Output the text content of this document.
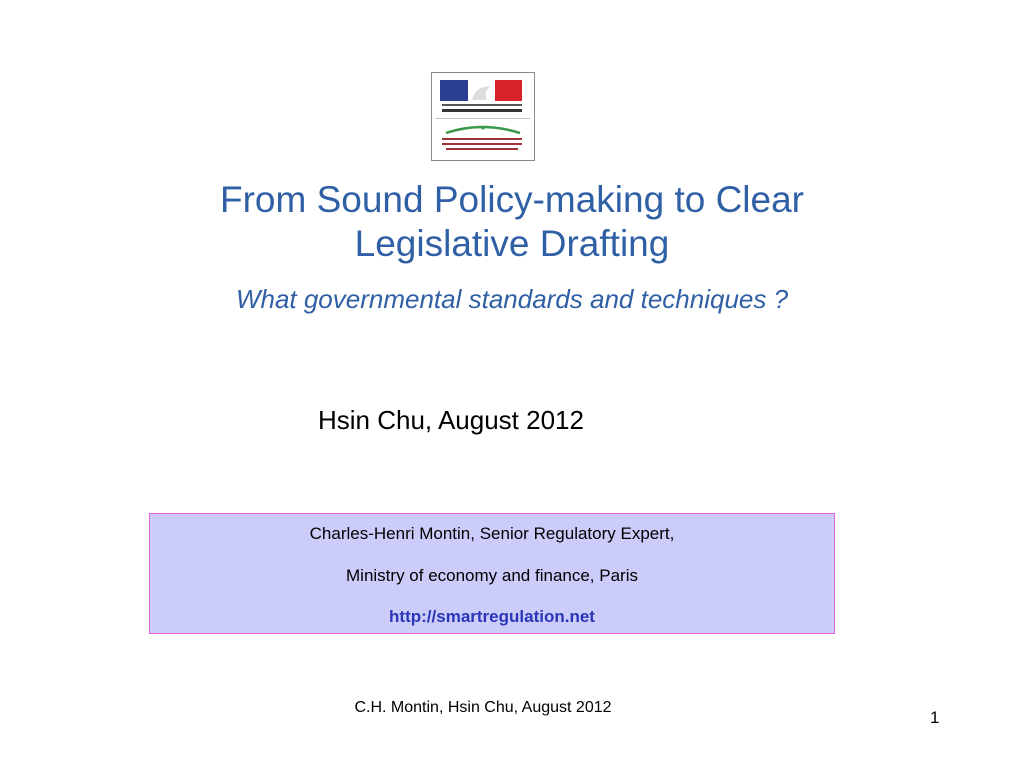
From Sound Policy-making to Clear
Legislative Drafting
What governmental standards and techniques ?
Hsin Chu, August 2012
Charles-Henri Montin, Senior Regulatory Expert,
Ministry of economy and finance, Paris
http://smartregulation.net
C.H. Montin, Hsin Chu, August 2012
1
